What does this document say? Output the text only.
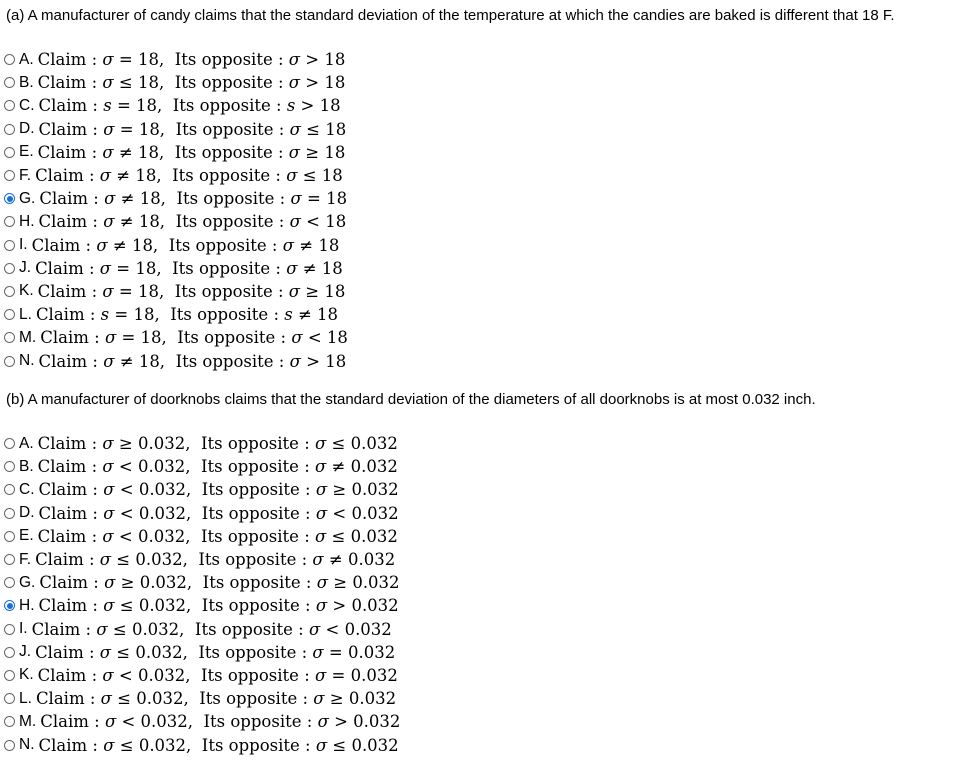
(a) A manufacturer of candy claims that the standard deviation of the temperature at which the candies are baked is different that 18 F.
A. Claim : σ = 18, Its opposite : σ > 18
B. Claim : σ ≤ 18, Its opposite : σ > 18
C. Claim : s = 18, Its opposite : s > 18
D. Claim : σ = 18, Its opposite : σ ≤ 18
E. Claim : σ ≠ 18, Its opposite : σ ≥ 18
F. Claim : σ ≠ 18, Its opposite : σ ≤ 18
G. Claim : σ ≠ 18, Its opposite : σ = 18
H. Claim : σ ≠ 18, Its opposite : σ < 18
I. Claim : σ ≠ 18, Its opposite : σ ≠ 18
J. Claim : σ = 18, Its opposite : σ ≠ 18
K. Claim : σ = 18, Its opposite : σ ≥ 18
L. Claim : s = 18, Its opposite : s ≠ 18
M. Claim : σ = 18, Its opposite : σ < 18
N. Claim : σ ≠ 18, Its opposite : σ > 18
(b) A manufacturer of doorknobs claims that the standard deviation of the diameters of all doorknobs is at most 0.032 inch.
A. Claim : σ ≥ 0.032, Its opposite : σ ≤ 0.032
B. Claim : σ < 0.032, Its opposite : σ ≠ 0.032
C. Claim : σ < 0.032, Its opposite : σ ≥ 0.032
D. Claim : σ < 0.032, Its opposite : σ < 0.032
E. Claim : σ < 0.032, Its opposite : σ ≤ 0.032
F. Claim : σ ≤ 0.032, Its opposite : σ ≠ 0.032
G. Claim : σ ≥ 0.032, Its opposite : σ ≥ 0.032
H. Claim : σ ≤ 0.032, Its opposite : σ > 0.032
I. Claim : σ ≤ 0.032, Its opposite : σ < 0.032
J. Claim : σ ≤ 0.032, Its opposite : σ = 0.032
K. Claim : σ < 0.032, Its opposite : σ = 0.032
L. Claim : σ ≤ 0.032, Its opposite : σ ≥ 0.032
M. Claim : σ < 0.032, Its opposite : σ > 0.032
N. Claim : σ ≤ 0.032, Its opposite : σ ≤ 0.032
